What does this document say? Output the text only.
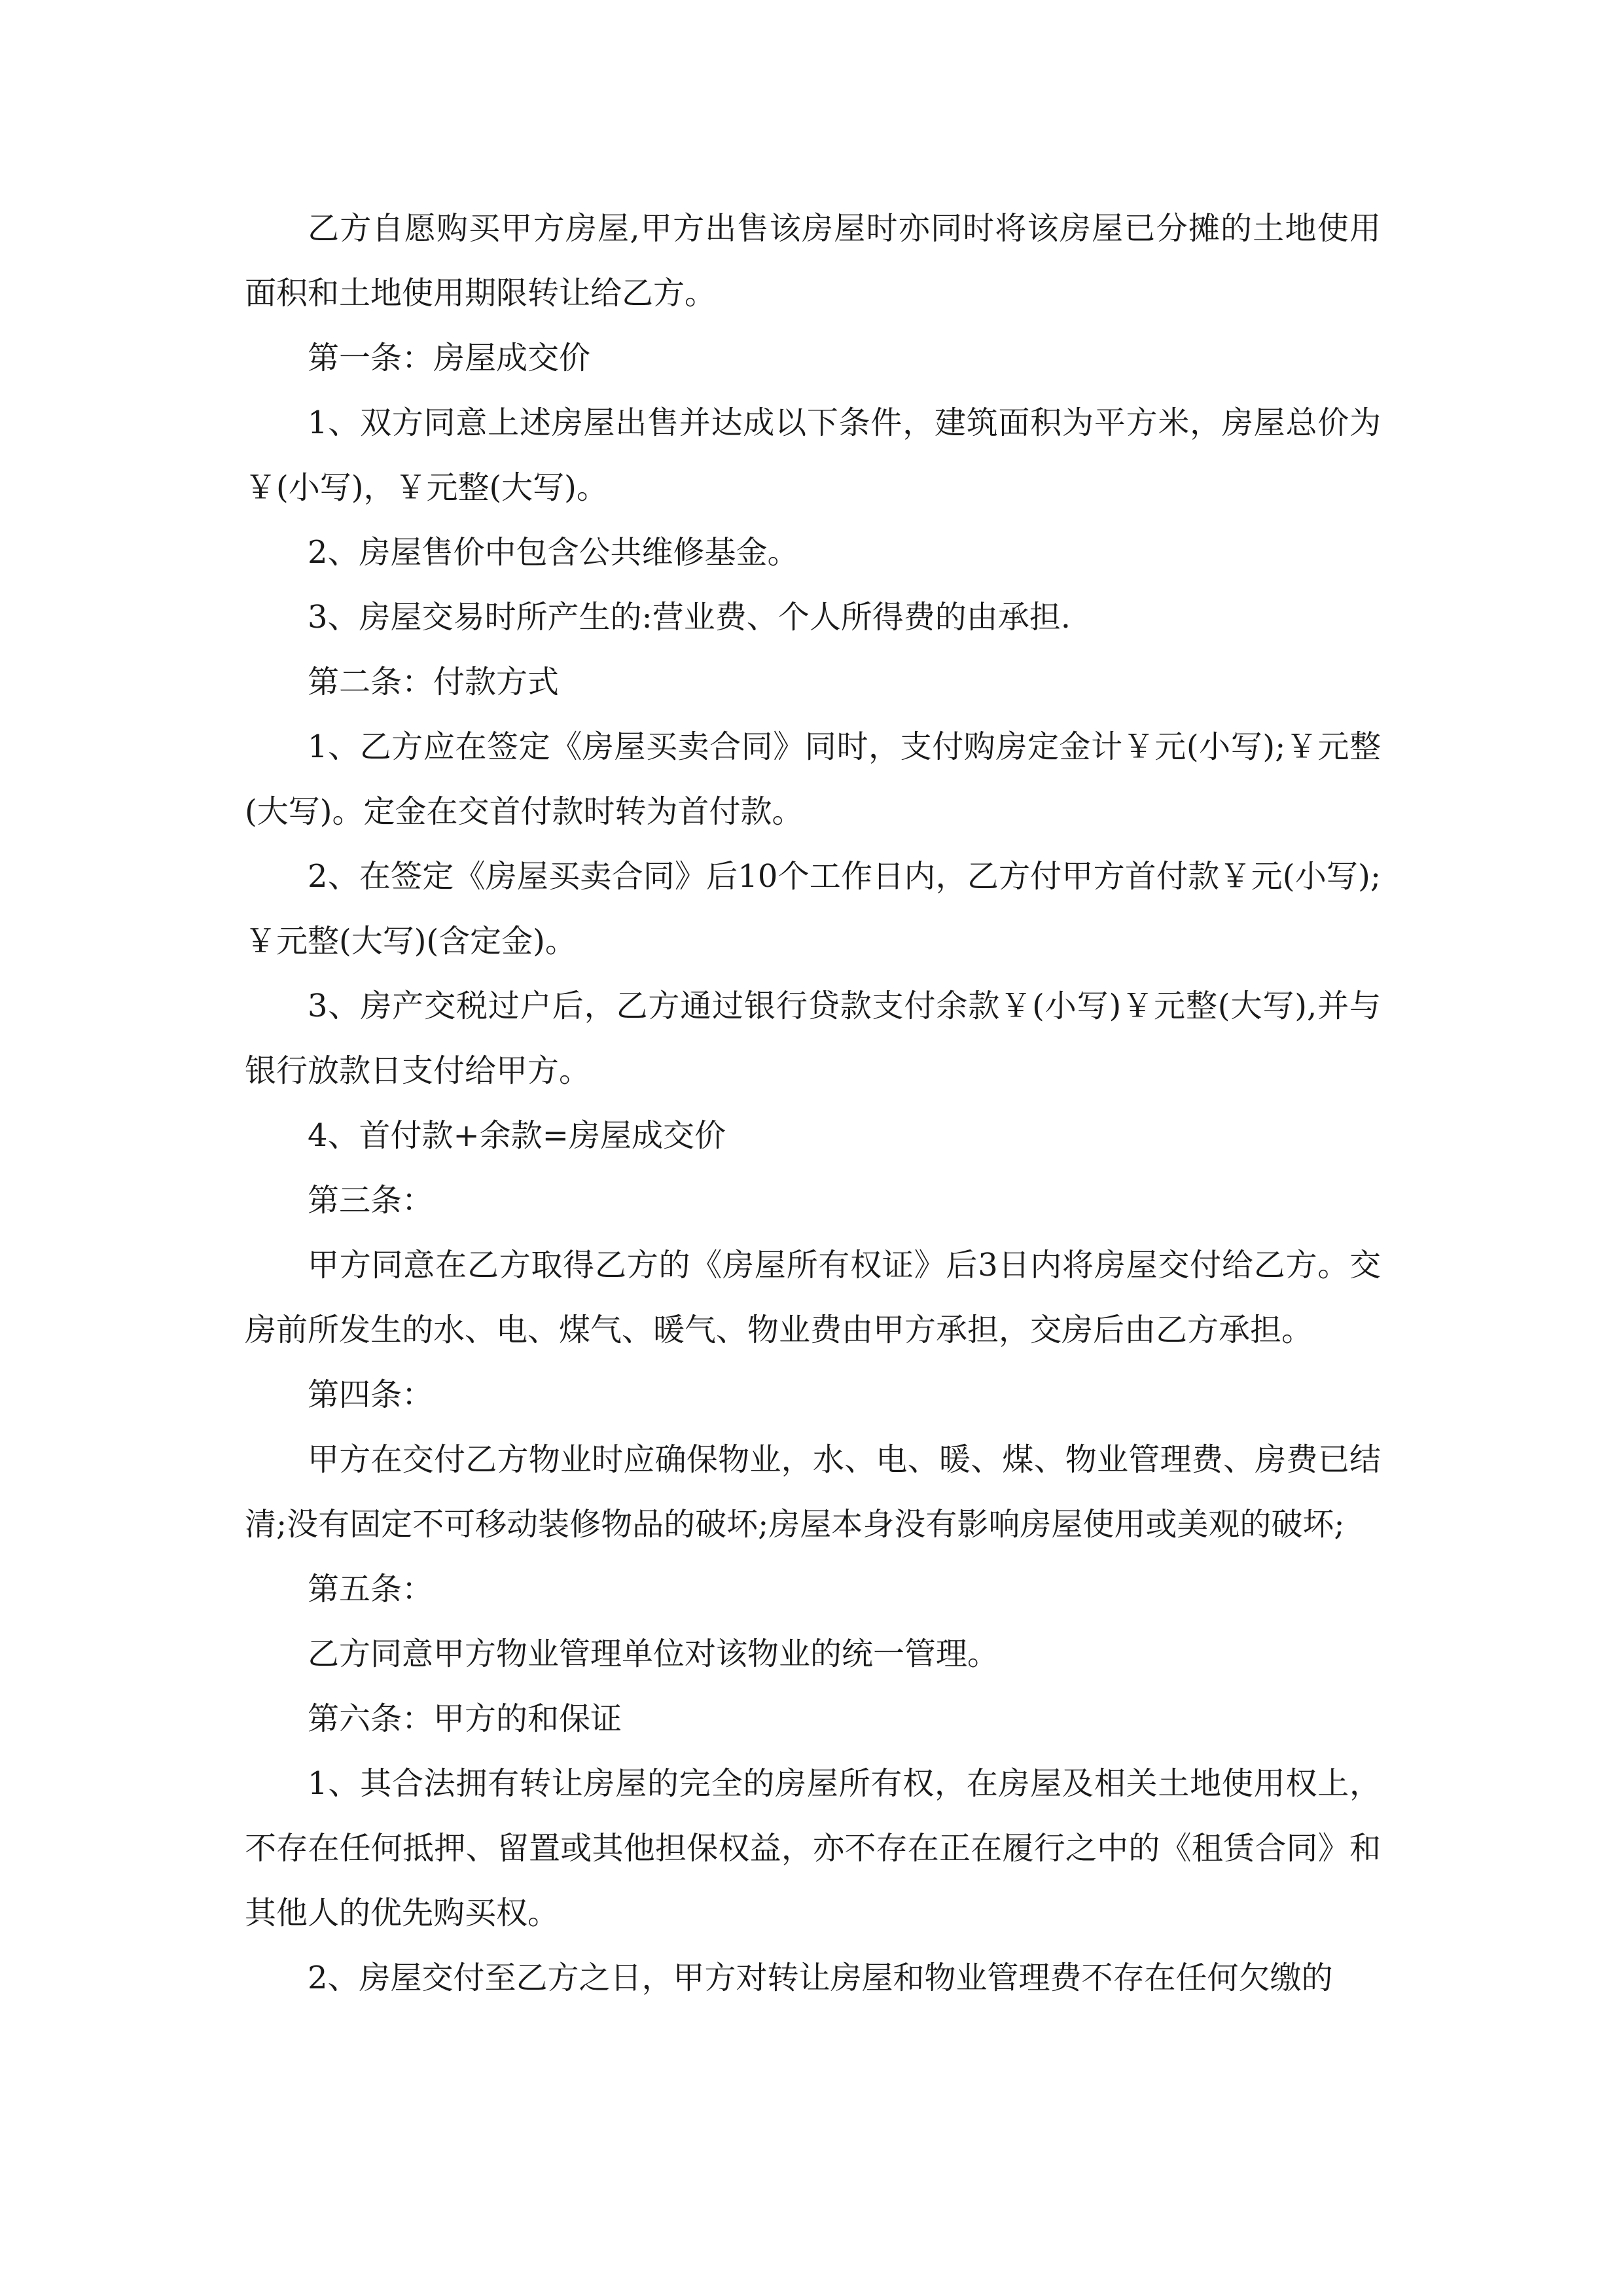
乙方自愿购买甲方房屋,甲方出售该房屋时亦同时将该房屋已分摊的土地使用面积和土地使用期限转让给乙方。

第一条：房屋成交价

1、双方同意上述房屋出售并达成以下条件，建筑面积为平方米，房屋总价为￥(小写)，￥元整(大写)。

2、房屋售价中包含公共维修基金。

3、房屋交易时所产生的:营业费、个人所得费的由承担.

第二条：付款方式

1、乙方应在签定《房屋买卖合同》同时，支付购房定金计￥元(小写);￥元整(大写)。定金在交首付款时转为首付款。

2、在签定《房屋买卖合同》后10个工作日内，乙方付甲方首付款￥元(小写);￥元整(大写)(含定金)。

3、房产交税过户后，乙方通过银行贷款支付余款￥(小写)￥元整(大写),并与银行放款日支付给甲方。

4、首付款+余款=房屋成交价

第三条：

甲方同意在乙方取得乙方的《房屋所有权证》后3日内将房屋交付给乙方。交房前所发生的水、电、煤气、暖气、物业费由甲方承担，交房后由乙方承担。

第四条：

甲方在交付乙方物业时应确保物业，水、电、暖、煤、物业管理费、房费已结清;没有固定不可移动装修物品的破坏;房屋本身没有影响房屋使用或美观的破坏;

第五条：

乙方同意甲方物业管理单位对该物业的统一管理。

第六条：甲方的和保证

1、其合法拥有转让房屋的完全的房屋所有权，在房屋及相关土地使用权上，不存在任何抵押、留置或其他担保权益，亦不存在正在履行之中的《租赁合同》和其他人的优先购买权。

2、房屋交付至乙方之日，甲方对转让房屋和物业管理费不存在任何欠缴的
